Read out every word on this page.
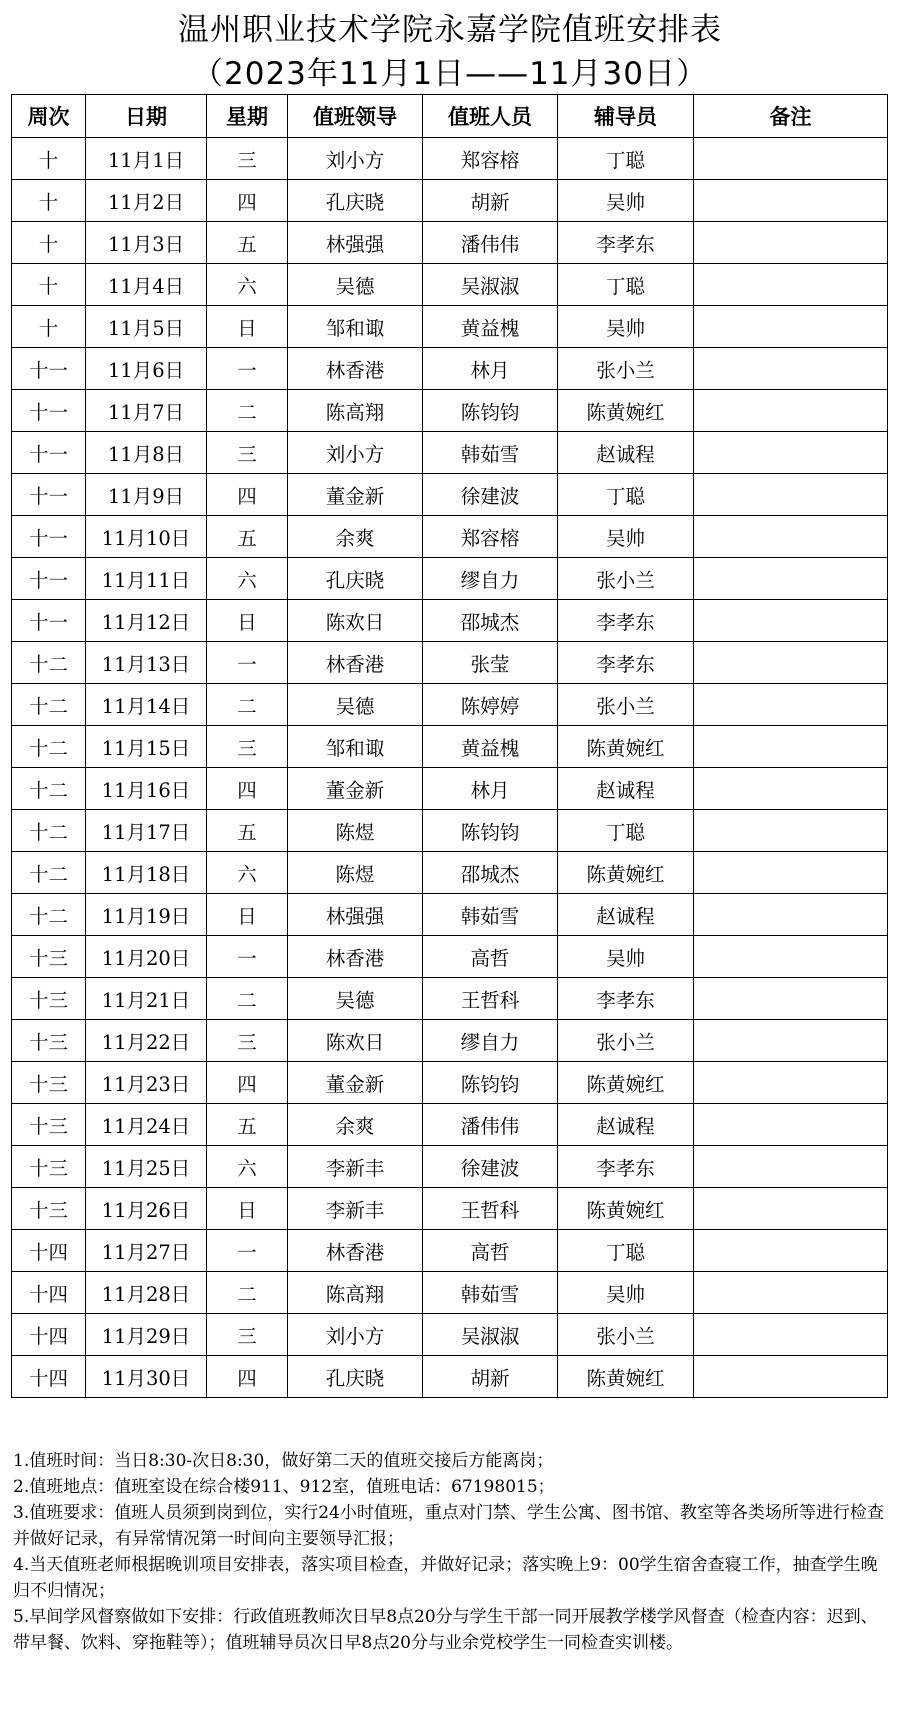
温州职业技术学院永嘉学院值班安排表
（2023年11月1日——11月30日）
周次	日期	星期	值班领导	值班人员	辅导员	备注
十	11月1日	三	刘小方	郑容榕	丁聪	
十	11月2日	四	孔庆晓	胡新	吴帅	
十	11月3日	五	林强强	潘伟伟	李孝东	
十	11月4日	六	吴德	吴淑淑	丁聪	
十	11月5日	日	邹和诹	黄益槐	吴帅	
十一	11月6日	一	林香港	林月	张小兰	
十一	11月7日	二	陈高翔	陈钧钧	陈黄婉红	
十一	11月8日	三	刘小方	韩茹雪	赵诚程	
十一	11月9日	四	董金新	徐建波	丁聪	
十一	11月10日	五	余爽	郑容榕	吴帅	
十一	11月11日	六	孔庆晓	缪自力	张小兰	
十一	11月12日	日	陈欢日	邵城杰	李孝东	
十二	11月13日	一	林香港	张莹	李孝东	
十二	11月14日	二	吴德	陈婷婷	张小兰	
十二	11月15日	三	邹和诹	黄益槐	陈黄婉红	
十二	11月16日	四	董金新	林月	赵诚程	
十二	11月17日	五	陈煜	陈钧钧	丁聪	
十二	11月18日	六	陈煜	邵城杰	陈黄婉红	
十二	11月19日	日	林强强	韩茹雪	赵诚程	
十三	11月20日	一	林香港	高哲	吴帅	
十三	11月21日	二	吴德	王哲科	李孝东	
十三	11月22日	三	陈欢日	缪自力	张小兰	
十三	11月23日	四	董金新	陈钧钧	陈黄婉红	
十三	11月24日	五	余爽	潘伟伟	赵诚程	
十三	11月25日	六	李新丰	徐建波	李孝东	
十三	11月26日	日	李新丰	王哲科	陈黄婉红	
十四	11月27日	一	林香港	高哲	丁聪	
十四	11月28日	二	陈高翔	韩茹雪	吴帅	
十四	11月29日	三	刘小方	吴淑淑	张小兰	
十四	11月30日	四	孔庆晓	胡新	陈黄婉红	

1.值班时间：当日8:30-次日8:30，做好第二天的值班交接后方能离岗；

2.值班地点：值班室设在综合楼911、912室，值班电话：67198015；

3.值班要求：值班人员须到岗到位，实行24小时值班，重点对门禁、学生公寓、图书馆、教室等各类场所等进行检查并做好记录，有异常情况第一时间向主要领导汇报；

4.当天值班老师根据晚训项目安排表，落实项目检查，并做好记录；落实晚上9：00学生宿舍查寝工作，抽查学生晚归不归情况；

5.早间学风督察做如下安排：行政值班教师次日早8点20分与学生干部一同开展教学楼学风督查（检查内容：迟到、带早餐、饮料、穿拖鞋等）；值班辅导员次日早8点20分与业余党校学生一同检查实训楼。
